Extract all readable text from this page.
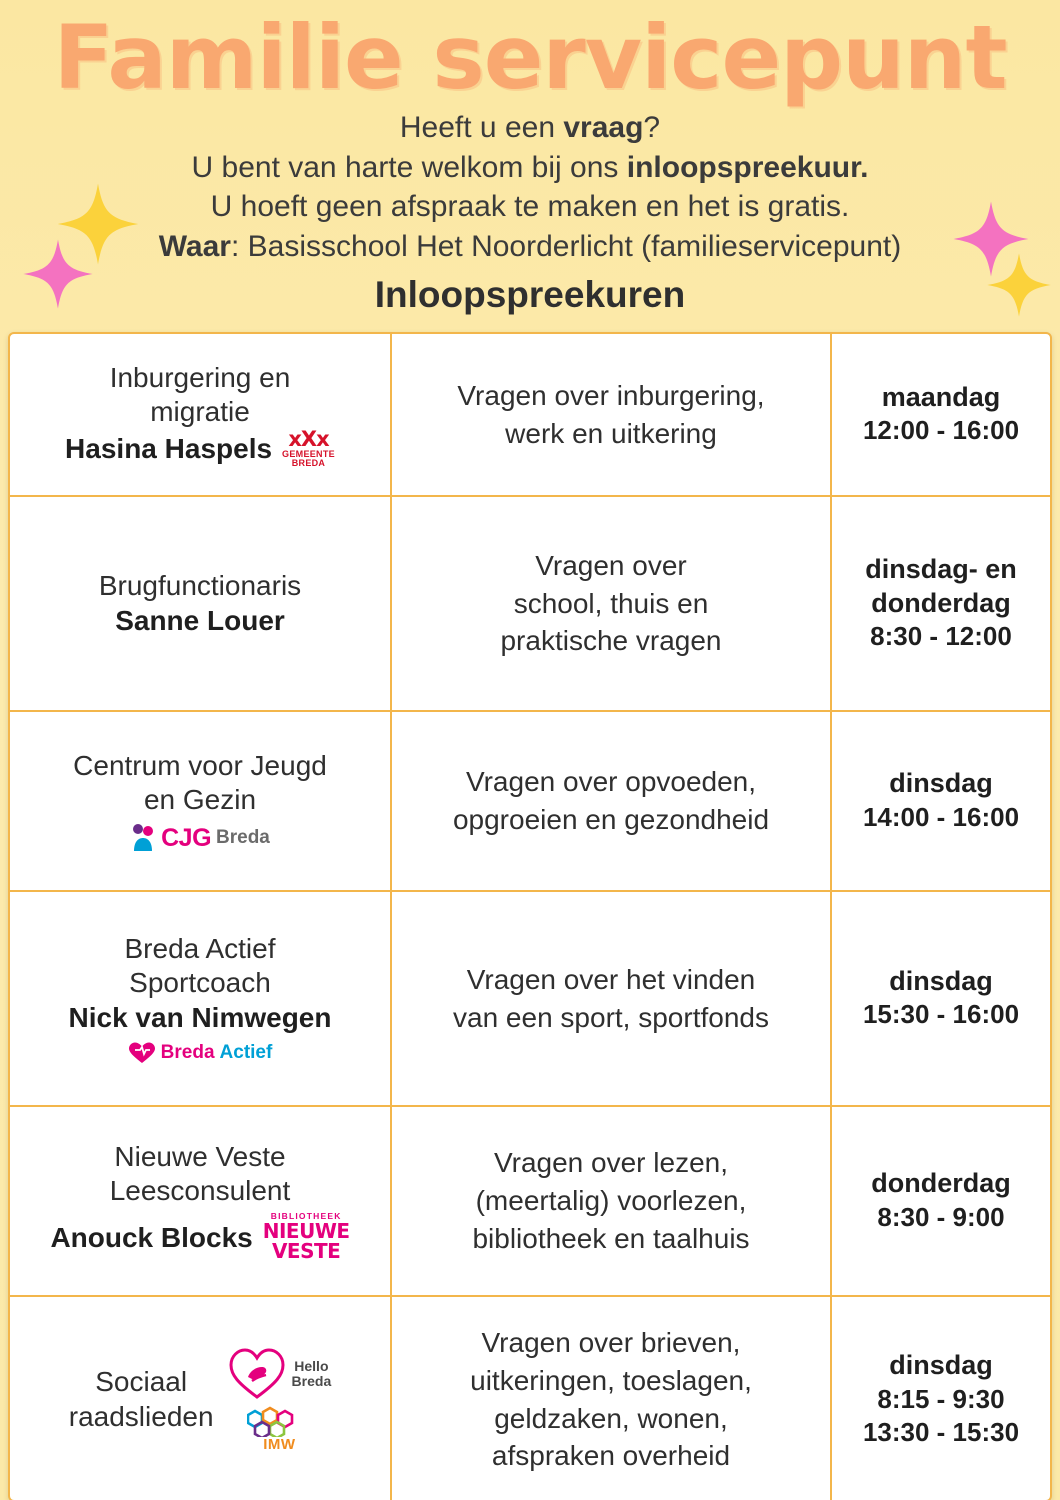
Familie servicepunt
Heeft u een vraag?
U bent van harte welkom bij ons inloopspreekuur.
U hoeft geen afspraak te maken en het is gratis.
Waar: Basisschool Het Noorderlicht (familieservicepunt)
Inloopspreekuren
Inburgering en
migratie
Hasina Haspels xXx
GEMEENTE
BREDA
Vragen over inburgering,
werk en uitkering
maandag
12:00 - 16:00
Brugfunctionaris
Sanne Louer
Vragen over
school, thuis en
praktische vragen
dinsdag- en
donderdag
8:30 - 12:00
Centrum voor Jeugd
en Gezin
CJG Breda
Vragen over opvoeden,
opgroeien en gezondheid
dinsdag
14:00 - 16:00
Breda Actief
Sportcoach
Nick van Nimwegen
Breda Actief
Vragen over het vinden
van een sport, sportfonds
dinsdag
15:30 - 16:00
Nieuwe Veste
Leesconsulent
Anouck Blocks
BIBLIOTHEEK
NIEUWE
VESTE
Vragen over lezen,
(meertalig) voorlezen,
bibliotheek en taalhuis
donderdag
8:30 - 9:00
Sociaal
raadslieden
Hello
Breda
IMW
Vragen over brieven,
uitkeringen, toeslagen,
geldzaken, wonen,
afspraken overheid
dinsdag
8:15 - 9:30
13:30 - 15:30
